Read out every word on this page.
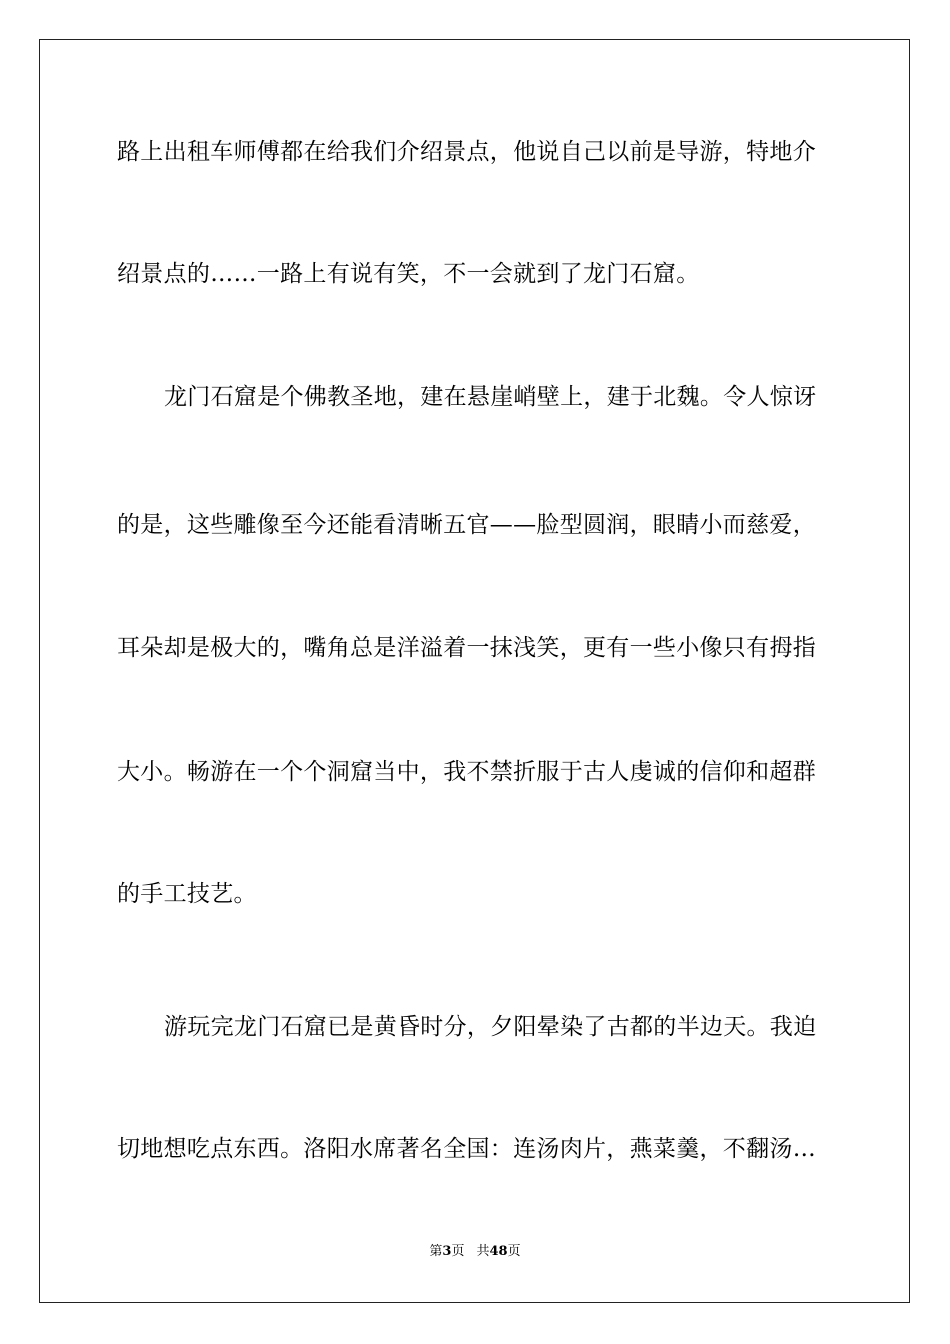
路上出租车师傅都在给我们介绍景点，他说自己以前是导游，特地介
绍景点的……一路上有说有笑，不一会就到了龙门石窟。
龙门石窟是个佛教圣地，建在悬崖峭壁上，建于北魏。令人惊讶
的是，这些雕像至今还能看清晰五官——脸型圆润，眼睛小而慈爱，
耳朵却是极大的，嘴角总是洋溢着一抹浅笑，更有一些小像只有拇指
大小。畅游在一个个洞窟当中，我不禁折服于古人虔诚的信仰和超群
的手工技艺。
游玩完龙门石窟已是黄昏时分，夕阳晕染了古都的半边天。我迫
切地想吃点东西。洛阳水席著名全国：连汤肉片，燕菜羹，不翻汤…
第3页 共48页
